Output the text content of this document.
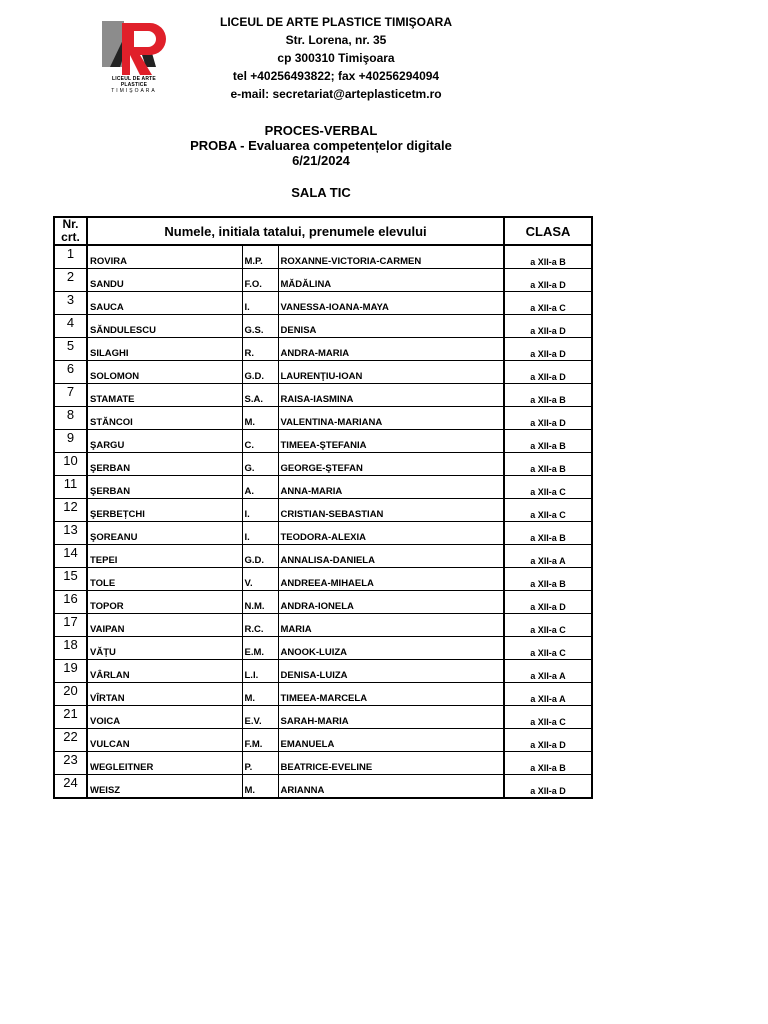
LICEUL DE ARTE PLASTICE
TIMIŞOARA
LICEUL DE ARTE PLASTICE TIMIŞOARA
Str. Lorena, nr. 35
cp 300310 Timişoara
tel +40256493822; fax +40256294094
e-mail: secretariat@arteplasticetm.ro
PROCES-VERBAL
PROBA - Evaluarea competențelor digitale
6/21/2024
SALA TIC
Nr. crt.	Numele, initiala tatalui, prenumele elevului			CLASA
1	ROVIRA	M.P.	ROXANNE-VICTORIA-CARMEN	a XII-a B
2	SANDU	F.O.	MĂDĂLINA	a XII-a D
3	SAUCA	I.	VANESSA-IOANA-MAYA	a XII-a C
4	SĂNDULESCU	G.S.	DENISA	a XII-a D
5	SILAGHI	R.	ANDRA-MARIA	a XII-a D
6	SOLOMON	G.D.	LAURENŢIU-IOAN	a XII-a D
7	STAMATE	S.A.	RAISA-IASMINA	a XII-a B
8	STĂNCOI	M.	VALENTINA-MARIANA	a XII-a D
9	ŞARGU	C.	TIMEEA-ŞTEFANIA	a XII-a B
10	ŞERBAN	G.	GEORGE-ŞTEFAN	a XII-a B
11	ŞERBAN	A.	ANNA-MARIA	a XII-a C
12	ŞERBEȚCHI	I.	CRISTIAN-SEBASTIAN	a XII-a C
13	ŞOREANU	I.	TEODORA-ALEXIA	a XII-a B
14	TEPEI	G.D.	ANNALISA-DANIELA	a XII-a A
15	TOLE	V.	ANDREEA-MIHAELA	a XII-a B
16	TOPOR	N.M.	ANDRA-IONELA	a XII-a D
17	VAIPAN	R.C.	MARIA	a XII-a C
18	VĂȚU	E.M.	ANOOK-LUIZA	a XII-a C
19	VÂRLAN	L.I.	DENISA-LUIZA	a XII-a A
20	VÎRTAN	M.	TIMEEA-MARCELA	a XII-a A
21	VOICA	E.V.	SARAH-MARIA	a XII-a C
22	VULCAN	F.M.	EMANUELA	a XII-a D
23	WEGLEITNER	P.	BEATRICE-EVELINE	a XII-a B
24	WEISZ	M.	ARIANNA	a XII-a D
